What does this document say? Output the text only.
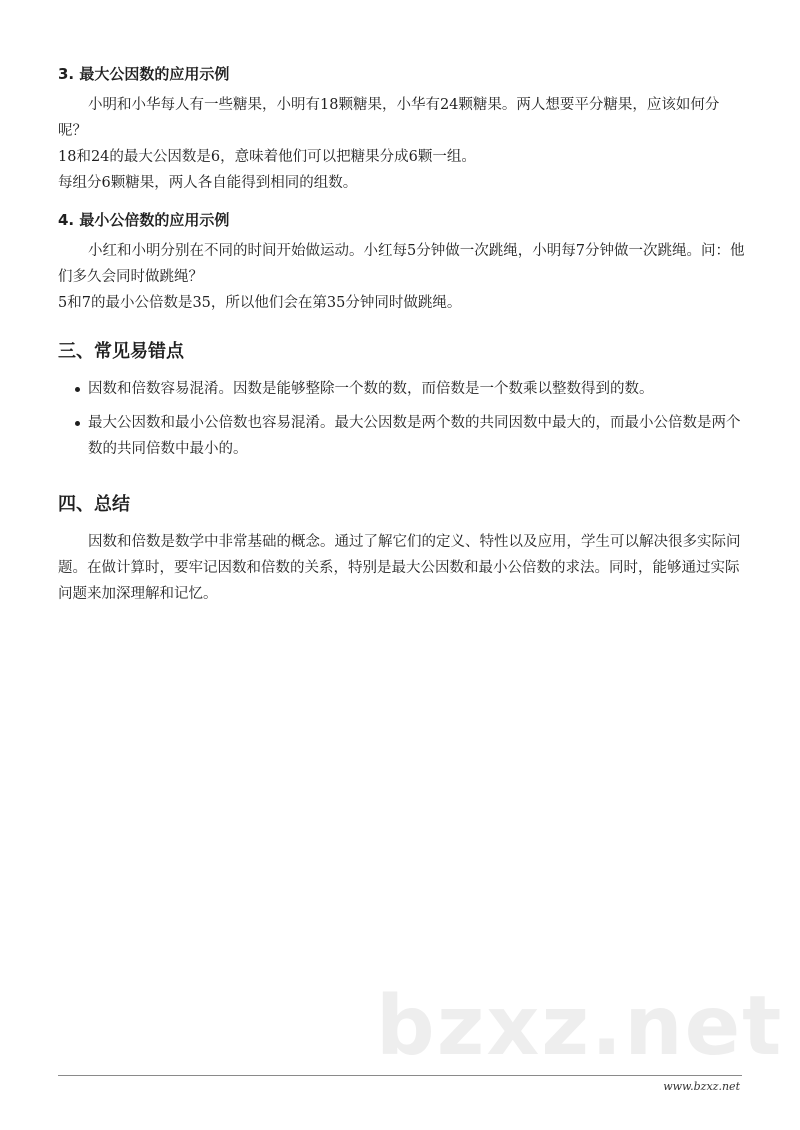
3. 最大公因数的应用示例

小明和小华每人有一些糖果，小明有18颗糖果，小华有24颗糖果。两人想要平分糖果，应该如何分呢？

18和24的最大公因数是6，意味着他们可以把糖果分成6颗一组。

每组分6颗糖果，两人各自能得到相同的组数。

4. 最小公倍数的应用示例

小红和小明分别在不同的时间开始做运动。小红每5分钟做一次跳绳，小明每7分钟做一次跳绳。问：他们多久会同时做跳绳？

5和7的最小公倍数是35，所以他们会在第35分钟同时做跳绳。

三、常见易错点
因数和倍数容易混淆。因数是能够整除一个数的数，而倍数是一个数乘以整数得到的数。
最大公因数和最小公倍数也容易混淆。最大公因数是两个数的共同因数中最大的，而最小公倍数是两个数的共同倍数中最小的。
四、总结

因数和倍数是数学中非常基础的概念。通过了解它们的定义、特性以及应用，学生可以解决很多实际问题。在做计算时，要牢记因数和倍数的关系，特别是最大公因数和最小公倍数的求法。同时，能够通过实际问题来加深理解和记忆。

bzxz.net
www.bzxz.net
